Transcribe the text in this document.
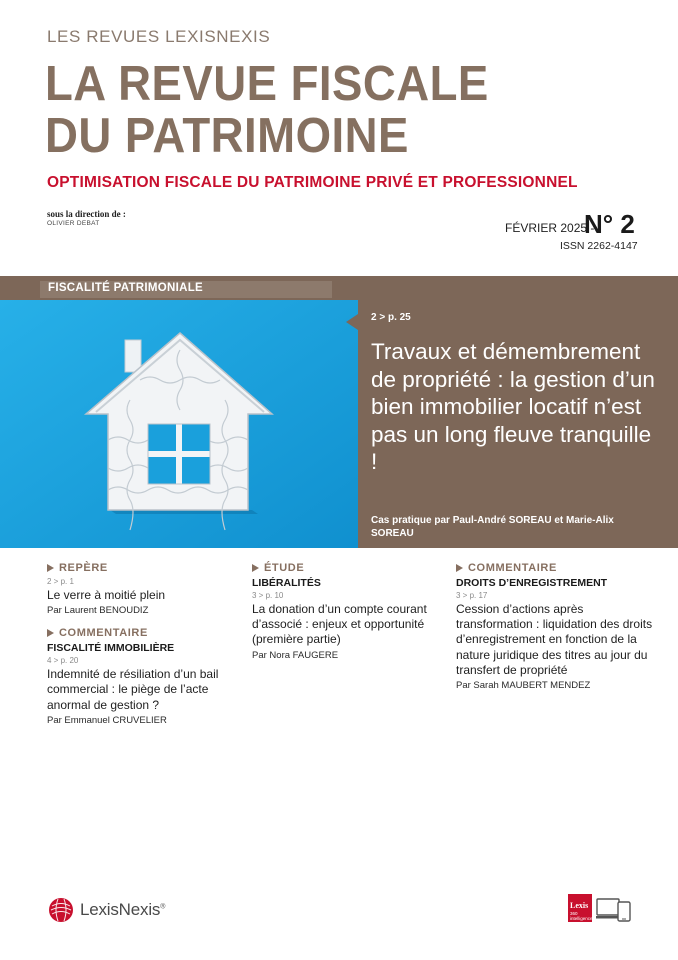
LES REVUES LEXISNEXIS
LA REVUE FISCALE
DU PATRIMOINE
OPTIMISATION FISCALE DU PATRIMOINE PRIVÉ ET PROFESSIONNEL
sous la direction de :
OLIVIER DEBAT	FÉVRIER 2025 -
N° 2
ISSN 2262-4147
FISCALITÉ PATRIMONIALE
2 > p. 25
Travaux et démembrement de propriété : la gestion d’un bien immobilier locatif n’est pas un long fleuve tranquille !
Cas pratique par Paul-André SOREAU et Marie-Alix SOREAU
REPÈRE
2 > p. 1
Le verre à moitié plein
Par Laurent BENOUDIZ
COMMENTAIRE
FISCALITÉ IMMOBILIÈRE
4 > p. 20
Indemnité de résiliation d’un bail commercial : le piège de l’acte anormal de gestion ?
Par Emmanuel CRUVELIER
ÉTUDE
LIBÉRALITÉS
3 > p. 10
La donation d’un compte courant d’associé : enjeux et opportunité (première partie)
Par Nora FAUGERE
COMMENTAIRE
DROITS D’ENREGISTREMENT
3 > p. 17
Cession d’actions après transformation : liquidation des droits d’enregistrement en fonction de la nature juridique des titres au jour du transfert de propriété
Par Sarah MAUBERT MENDEZ
LexisNexis®	Lexis
360 intelligence
